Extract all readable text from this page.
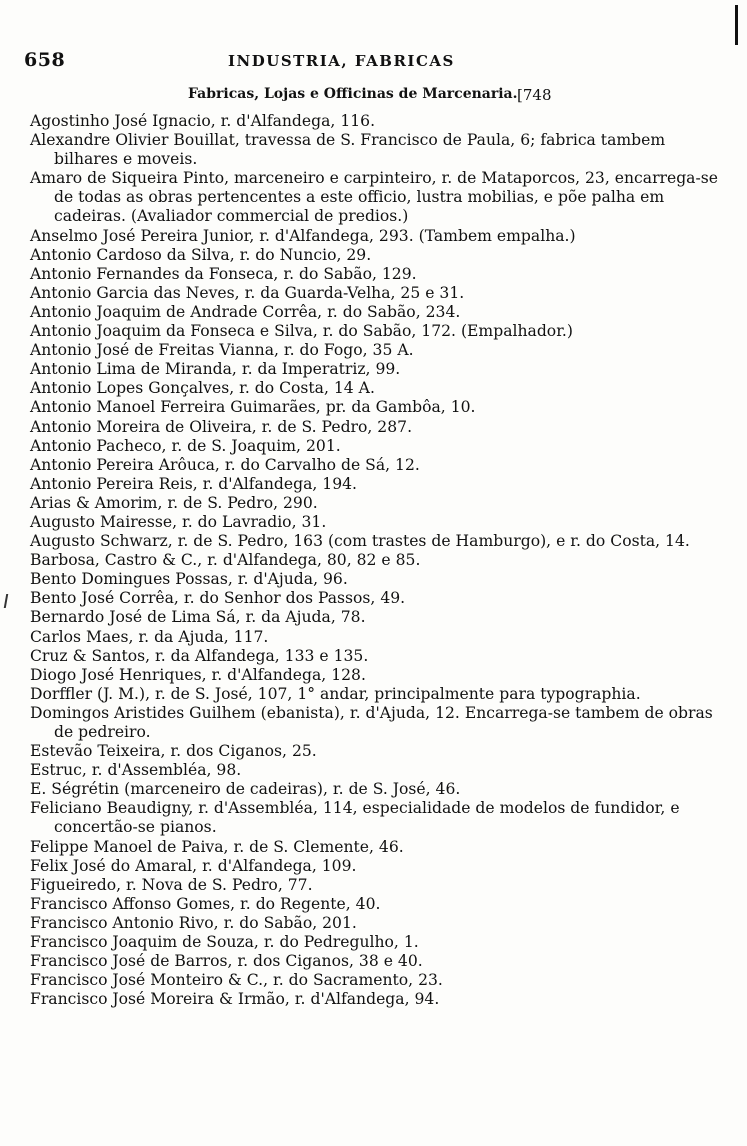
658	INDUSTRIA, FABRICAS
Fabricas, Lojas e Officinas de Marcenaria. [748

Agostinho José Ignacio, r. d'Alfandega, 116.

Alexandre Olivier Bouillat, travessa de S. Francisco de Paula, 6; fabrica tambem bilhares e moveis.

Amaro de Siqueira Pinto, marceneiro e carpinteiro, r. de Mataporcos, 23, encarrega-se de todas as obras pertencentes a este officio, lustra mobilias, e põe palha em cadeiras. (Avaliador commercial de predios.)

Anselmo José Pereira Junior, r. d'Alfandega, 293. (Tambem empalha.)

Antonio Cardoso da Silva, r. do Nuncio, 29.

Antonio Fernandes da Fonseca, r. do Sabão, 129.

Antonio Garcia das Neves, r. da Guarda-Velha, 25 e 31.

Antonio Joaquim de Andrade Corrêa, r. do Sabão, 234.

Antonio Joaquim da Fonseca e Silva, r. do Sabão, 172. (Empalhador.)

Antonio José de Freitas Vianna, r. do Fogo, 35 A.

Antonio Lima de Miranda, r. da Imperatriz, 99.

Antonio Lopes Gonçalves, r. do Costa, 14 A.

Antonio Manoel Ferreira Guimarães, pr. da Gambôa, 10.

Antonio Moreira de Oliveira, r. de S. Pedro, 287.

Antonio Pacheco, r. de S. Joaquim, 201.

Antonio Pereira Arôuca, r. do Carvalho de Sá, 12.

Antonio Pereira Reis, r. d'Alfandega, 194.

Arias & Amorim, r. de S. Pedro, 290.

Augusto Mairesse, r. do Lavradio, 31.

Augusto Schwarz, r. de S. Pedro, 163 (com trastes de Hamburgo), e r. do Costa, 14.

Barbosa, Castro & C., r. d'Alfandega, 80, 82 e 85.

Bento Domingues Possas, r. d'Ajuda, 96.

Bento José Corrêa, r. do Senhor dos Passos, 49.

Bernardo José de Lima Sá, r. da Ajuda, 78.

Carlos Maes, r. da Ajuda, 117.

Cruz & Santos, r. da Alfandega, 133 e 135.

Diogo José Henriques, r. d'Alfandega, 128.

Dorffler (J. M.), r. de S. José, 107, 1° andar, principalmente para typographia.

Domingos Aristides Guilhem (ebanista), r. d'Ajuda, 12. Encarrega-se tambem de obras de pedreiro.

Estevão Teixeira, r. dos Ciganos, 25.

Estruc, r. d'Assembléa, 98.

E. Ségrétin (marceneiro de cadeiras), r. de S. José, 46.

Feliciano Beaudigny, r. d'Assembléa, 114, especialidade de modelos de fundidor, e concertão-se pianos.

Felippe Manoel de Paiva, r. de S. Clemente, 46.

Felix José do Amaral, r. d'Alfandega, 109.

Figueiredo, r. Nova de S. Pedro, 77.

Francisco Affonso Gomes, r. do Regente, 40.

Francisco Antonio Rivo, r. do Sabão, 201.

Francisco Joaquim de Souza, r. do Pedregulho, 1.

Francisco José de Barros, r. dos Ciganos, 38 e 40.

Francisco José Monteiro & C., r. do Sacramento, 23.

Francisco José Moreira & Irmão, r. d'Alfandega, 94.
